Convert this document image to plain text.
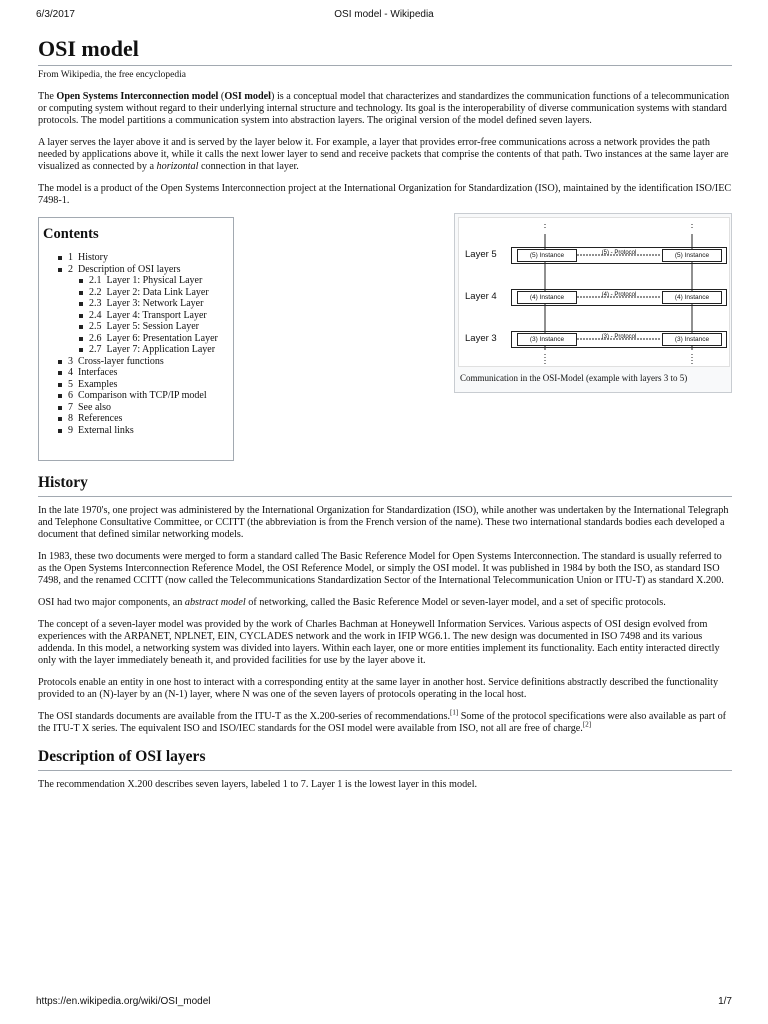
6/3/2017	OSI model - Wikipedia
OSI model
From Wikipedia, the free encyclopedia

The Open Systems Interconnection model (OSI model) is a conceptual model that characterizes and standardizes the communication functions of a telecommunication or computing system without regard to their underlying internal structure and technology. Its goal is the interoperability of diverse communication systems with standard protocols. The model partitions a communication system into abstraction layers. The original version of the model defined seven layers.

A layer serves the layer above it and is served by the layer below it. For example, a layer that provides error-free communications across a network provides the path needed by applications above it, while it calls the next lower layer to send and receive packets that comprise the contents of that path. Two instances at the same layer are visualized as connected by a horizontal connection in that layer.

The model is a product of the Open Systems Interconnection project at the International Organization for Standardization (ISO), maintained by the identification ISO/IEC 7498-1.

Contents
1 History
2 Description of OSI layers
2.1 Layer 1: Physical Layer
2.2 Layer 2: Data Link Layer
2.3 Layer 3: Network Layer
2.4 Layer 4: Transport Layer
2.5 Layer 5: Session Layer
2.6 Layer 6: Presentation Layer
2.7 Layer 7: Application Layer
3 Cross-layer functions
4 Interfaces
5 Examples
6 Comparison with TCP/IP model
7 See also
8 References
9 External links
Layer 5	(5) Instance	(5) - Protocol	(5) Instance
Layer 4	(4) Instance	(4) - Protocol	(4) Instance
Layer 3	(3) Instance	(3) - Protocol	(3) Instance
Communication in the OSI-Model (example with layers 3 to 5)
History

In the late 1970's, one project was administered by the International Organization for Standardization (ISO), while another was undertaken by the International Telegraph and Telephone Consultative Committee, or CCITT (the abbreviation is from the French version of the name). These two international standards bodies each developed a document that defined similar networking models.

In 1983, these two documents were merged to form a standard called The Basic Reference Model for Open Systems Interconnection. The standard is usually referred to as the Open Systems Interconnection Reference Model, the OSI Reference Model, or simply the OSI model. It was published in 1984 by both the ISO, as standard ISO 7498, and the renamed CCITT (now called the Telecommunications Standardization Sector of the International Telecommunication Union or ITU-T) as standard X.200.

OSI had two major components, an abstract model of networking, called the Basic Reference Model or seven-layer model, and a set of specific protocols.

The concept of a seven-layer model was provided by the work of Charles Bachman at Honeywell Information Services. Various aspects of OSI design evolved from experiences with the ARPANET, NPLNET, EIN, CYCLADES network and the work in IFIP WG6.1. The new design was documented in ISO 7498 and its various addenda. In this model, a networking system was divided into layers. Within each layer, one or more entities implement its functionality. Each entity interacted directly only with the layer immediately beneath it, and provided facilities for use by the layer above it.

Protocols enable an entity in one host to interact with a corresponding entity at the same layer in another host. Service definitions abstractly described the functionality provided to an (N)-layer by an (N-1) layer, where N was one of the seven layers of protocols operating in the local host.

The OSI standards documents are available from the ITU-T as the X.200-series of recommendations.[1] Some of the protocol specifications were also available as part of the ITU-T X series. The equivalent ISO and ISO/IEC standards for the OSI model were available from ISO, not all are free of charge.[2]

Description of OSI layers

The recommendation X.200 describes seven layers, labeled 1 to 7. Layer 1 is the lowest layer in this model.

https://en.wikipedia.org/wiki/OSI_model	1/7
